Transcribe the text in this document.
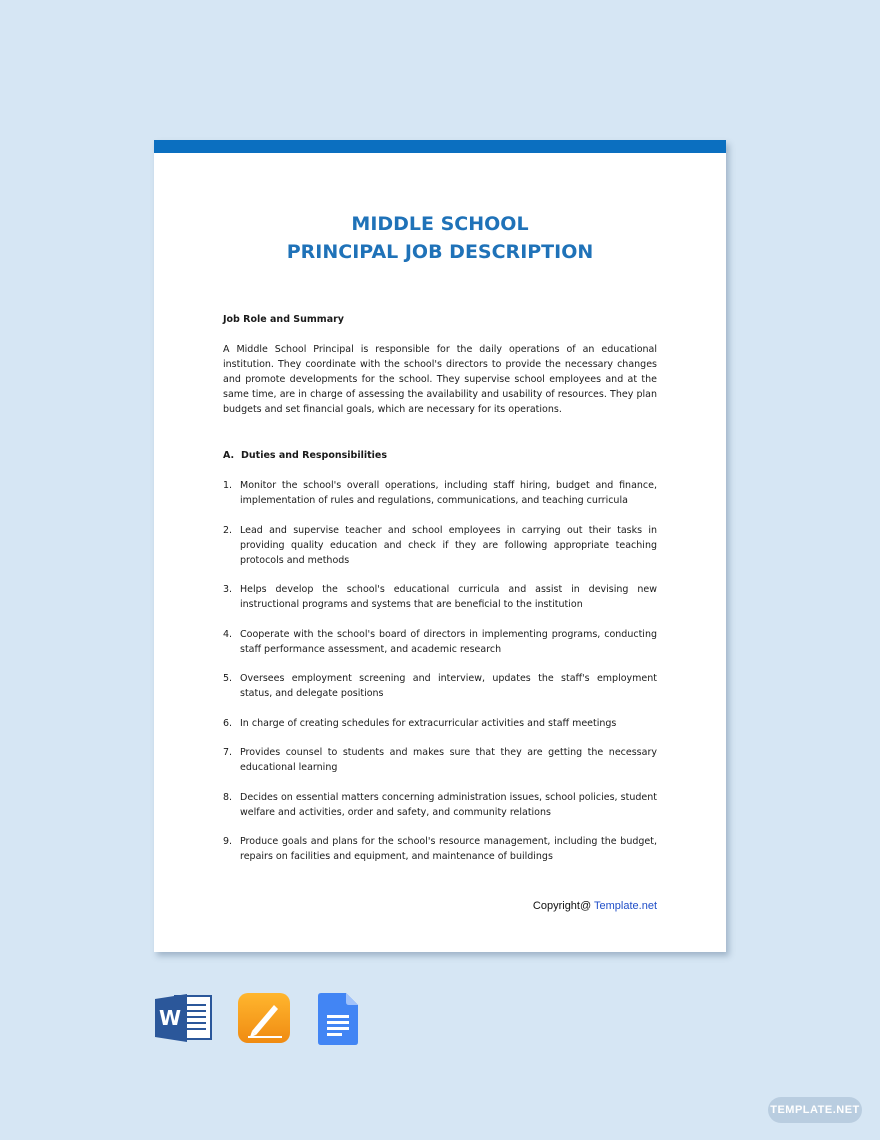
MIDDLE SCHOOL
PRINCIPAL JOB DESCRIPTION

Job Role and Summary

A Middle School Principal is responsible for the daily operations of an educational institution. They coordinate with the school's directors to provide the necessary changes and promote developments for the school. They supervise school employees and at the same time, are in charge of assessing the availability and usability of resources. They plan budgets and set financial goals, which are necessary for its operations.

A. Duties and Responsibilities
1. Monitor the school's overall operations, including staff hiring, budget and finance, implementation of rules and regulations, communications, and teaching curricula
2. Lead and supervise teacher and school employees in carrying out their tasks in providing quality education and check if they are following appropriate teaching protocols and methods
3. Helps develop the school's educational curricula and assist in devising new instructional programs and systems that are beneficial to the institution
4. Cooperate with the school's board of directors in implementing programs, conducting staff performance assessment, and academic research
5. Oversees employment screening and interview, updates the staff's employment status, and delegate positions
6. In charge of creating schedules for extracurricular activities and staff meetings
7. Provides counsel to students and makes sure that they are getting the necessary educational learning
8. Decides on essential matters concerning administration issues, school policies, student welfare and activities, order and safety, and community relations
9. Produce goals and plans for the school's resource management, including the budget, repairs on facilities and equipment, and maintenance of buildings
Copyright@ Template.net
W
TEMPLATE.NET
